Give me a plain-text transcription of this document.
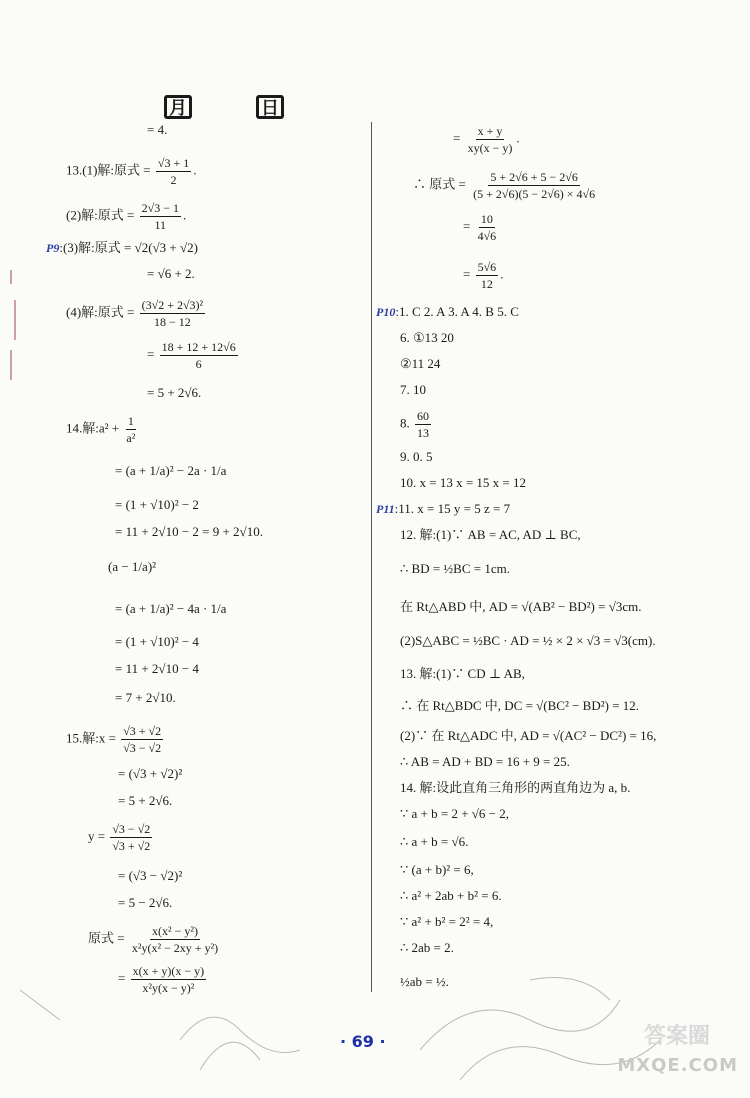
月	日
= 4.
13.(1)解:原式 = $\frac{√3 + 1}{2}$ .
(2)解:原式 = $\frac{2√3 - 1}{11}$ .
P9:(3)解:原式 = √2(√3 + √2)
= √6 + 2.
(4)解:原式 = $\frac{\text{(3√2 + 2√3)²}}{18 - 12}$
= $\frac{18 + 12 + 12√6}{6}$
= 5 + 2√6.
14.解:a² + $\frac{1}{\text{a²}}$
= (a + 1/a)² − 2a · 1/a
= (1 + √10)² − 2
= 11 + 2√10 − 2 = 9 + 2√10.
(a − 1/a)²
= (a + 1/a)² − 4a · 1/a
= (1 + √10)² − 4
= 11 + 2√10 − 4
= 7 + 2√10.
15.解:x = $\frac{√3 + √2}{√3 - √2}$
= (√3 + √2)²
= 5 + 2√6.
$y = \frac{√3 - √2}{√3 + √2}$
= (√3 − √2)²
= 5 − 2√6.
原式 = $\frac{\text{x(x² − y²)}}{\text{x²y(x² − 2xy + y²)}}$
= $\frac{x(x + y)(x - y)}{\text{x²y(x − y)²}}$
= $\frac{x + y}{xy(x - y)}$ .
∴ 原式 = $\frac{5 + 2√6 + 5 - 2√6}{(5 + 2√6)(5 - 2√6) \times 4√6}$
= $\frac{10}{4√6}$
= $\frac{5√6}{12}$ .
P10:1. C 2. A 3. A 4. B 5. C
6. ①13 20
②11 24
7. 10
8. $\frac{60}{13}$
9. 0. 5
10. x = 13 x = 15 x = 12
P11:11. x = 15 y = 5 z = 7
12. 解:(1)∵ AB = AC, AD ⊥ BC,
∴ BD = ½BC = 1cm.
在 Rt△ABD 中, AD = √(AB² − BD²) = √3cm.
(2)S△ABC = ½BC · AD = ½ × 2 × √3 = √3(cm).
13. 解:(1)∵ CD ⊥ AB,
∴ 在 Rt△BDC 中, DC = √(BC² − BD²) = 12.
(2)∵ 在 Rt△ADC 中, AD = √(AC² − DC²) = 16,
∴ AB = AD + BD = 16 + 9 = 25.
14. 解:设此直角三角形的两直角边为 a, b.
∵ a + b = 2 + √6 − 2,
∴ a + b = √6.
∵ (a + b)² = 6,
∴ a² + 2ab + b² = 6.
∵ a² + b² = 2² = 4,
∴ 2ab = 2.
½ab = ½.
· 69 ·	答案圈
MXQE.COM
